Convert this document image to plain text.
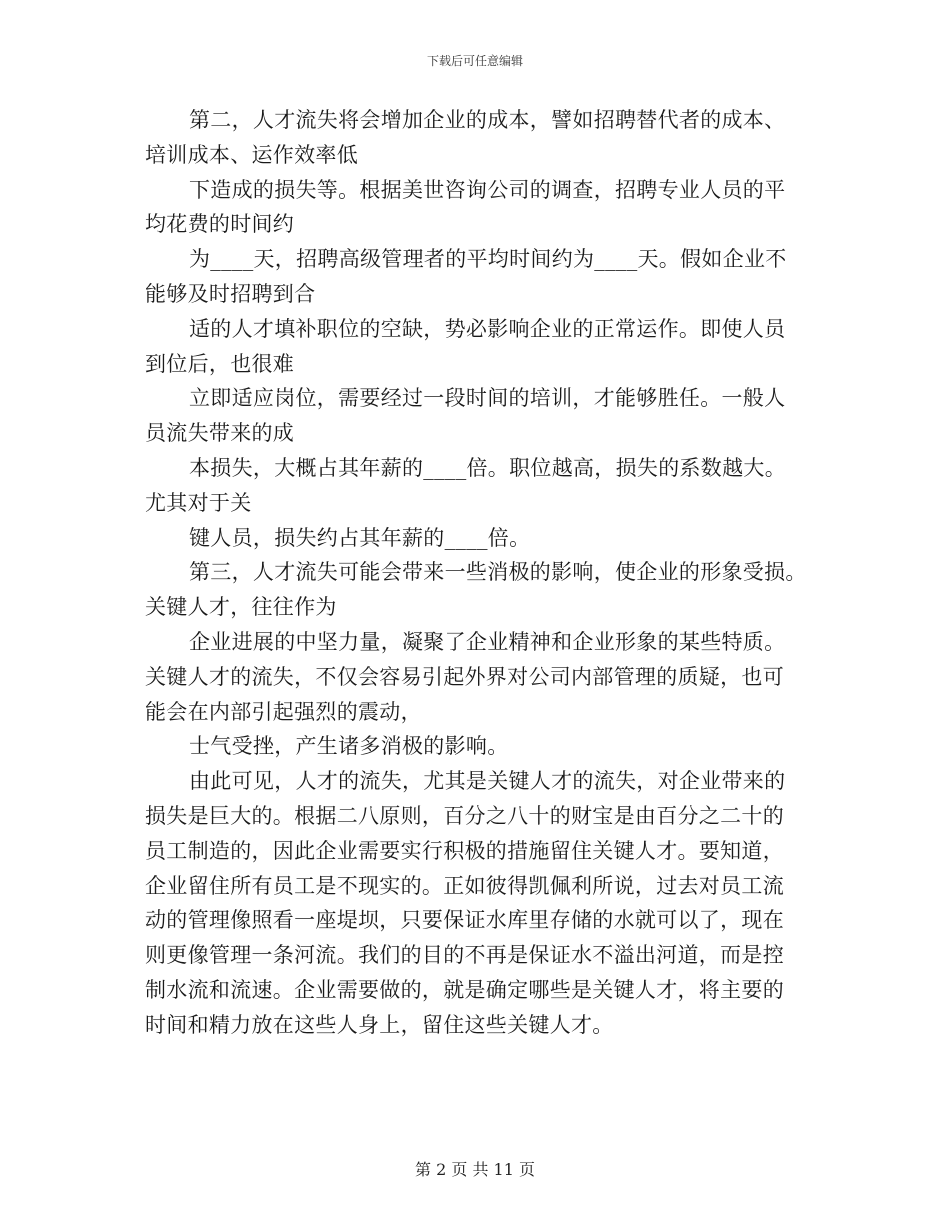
下载后可任意编辑
第二，人才流失将会增加企业的成本，譬如招聘替代者的成本、
培训成本、运作效率低
下造成的损失等。根据美世咨询公司的调查，招聘专业人员的平
均花费的时间约
为____天，招聘高级管理者的平均时间约为____天。假如企业不
能够及时招聘到合
适的人才填补职位的空缺，势必影响企业的正常运作。即使人员
到位后，也很难
立即适应岗位，需要经过一段时间的培训，才能够胜任。一般人
员流失带来的成
本损失，大概占其年薪的____倍。职位越高，损失的系数越大。
尤其对于关
键人员，损失约占其年薪的____倍。
第三，人才流失可能会带来一些消极的影响，使企业的形象受损。
关键人才，往往作为
企业进展的中坚力量，凝聚了企业精神和企业形象的某些特质。
关键人才的流失，不仅会容易引起外界对公司内部管理的质疑，也可
能会在内部引起强烈的震动，
士气受挫，产生诸多消极的影响。
由此可见，人才的流失，尤其是关键人才的流失，对企业带来的
损失是巨大的。根据二八原则，百分之八十的财宝是由百分之二十的
员工制造的，因此企业需要实行积极的措施留住关键人才。要知道，
企业留住所有员工是不现实的。正如彼得凯佩利所说，过去对员工流
动的管理像照看一座堤坝，只要保证水库里存储的水就可以了，现在
则更像管理一条河流。我们的目的不再是保证水不溢出河道，而是控
制水流和流速。企业需要做的，就是确定哪些是关键人才，将主要的
时间和精力放在这些人身上，留住这些关键人才。
第 2 页 共 11 页
